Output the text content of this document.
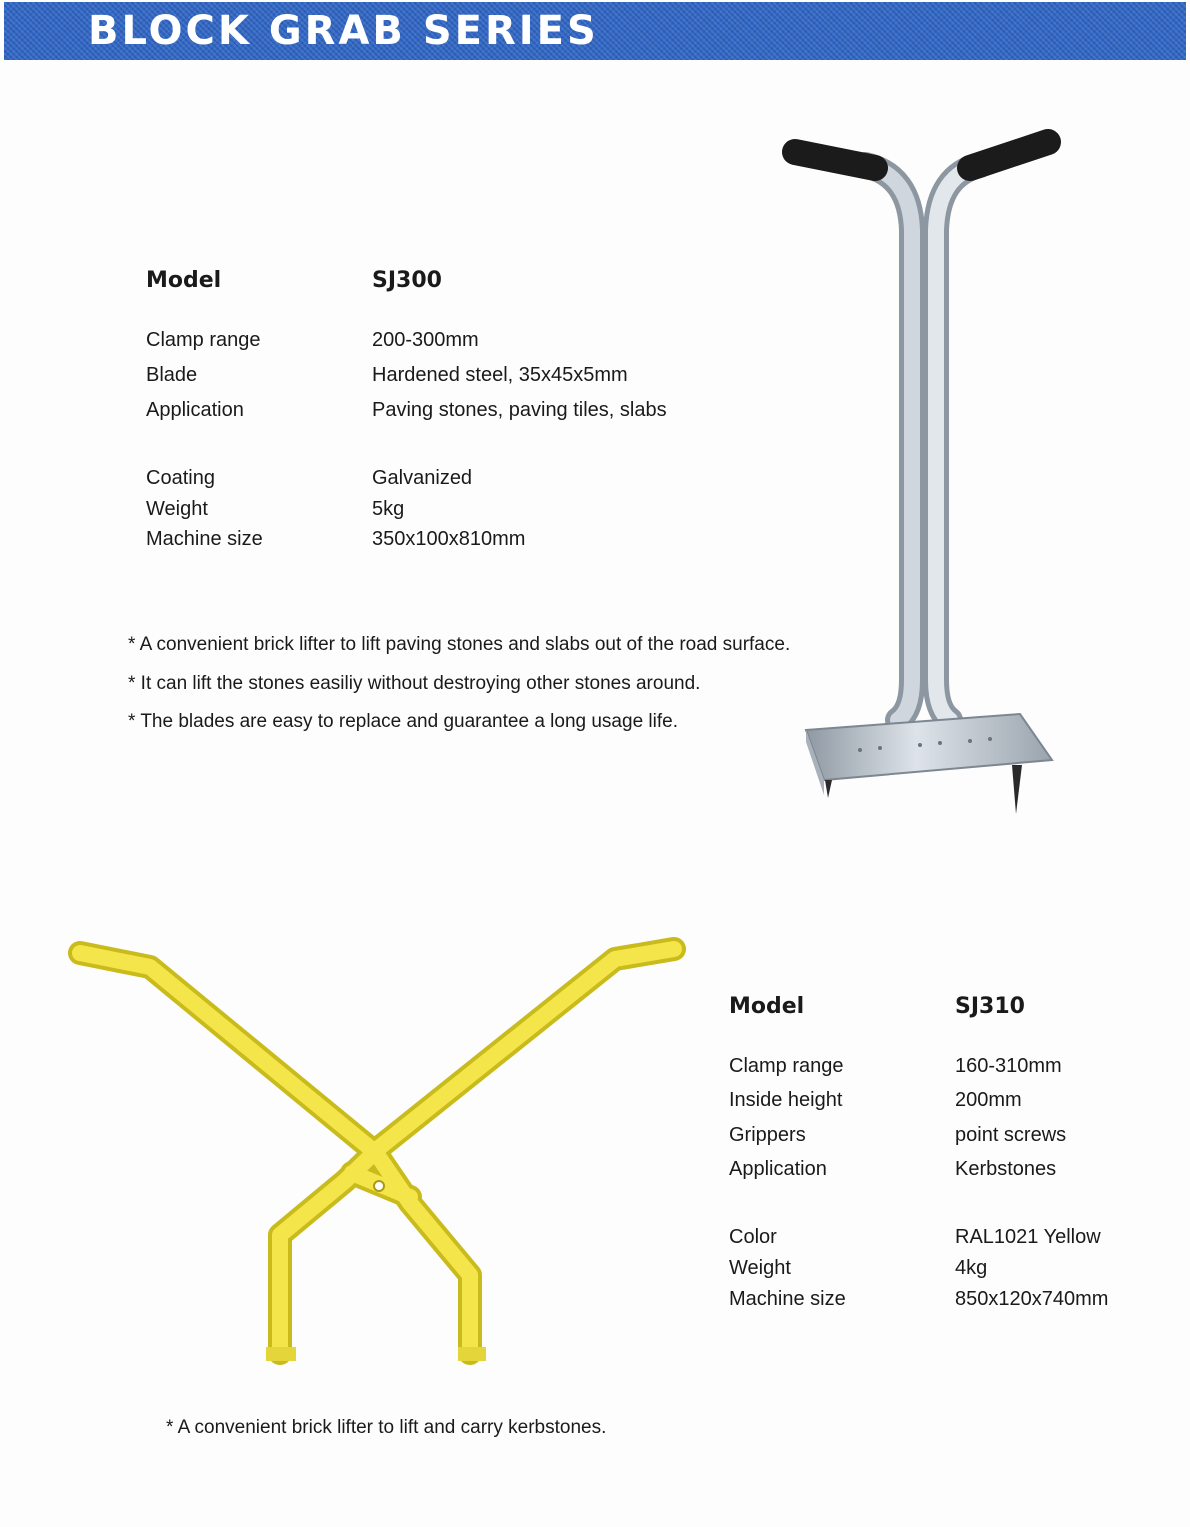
BLOCK GRAB SERIES
Model	SJ300
Clamp range	200-300mm
Blade	Hardened steel, 35x45x5mm
Application	Paving stones, paving tiles, slabs
Coating	Galvanized
Weight	5kg
Machine size	350x100x810mm
* A convenient brick lifter to lift paving stones and slabs out of the road surface.
* It can lift the stones easiliy without destroying other stones around.
* The blades are easy to replace and guarantee a long usage life.
Model	SJ310
Clamp range	160-310mm
Inside height	200mm
Grippers	point screws
Application	Kerbstones
Color	RAL1021 Yellow
Weight	4kg
Machine size	850x120x740mm
* A convenient brick lifter to lift and carry kerbstones.
